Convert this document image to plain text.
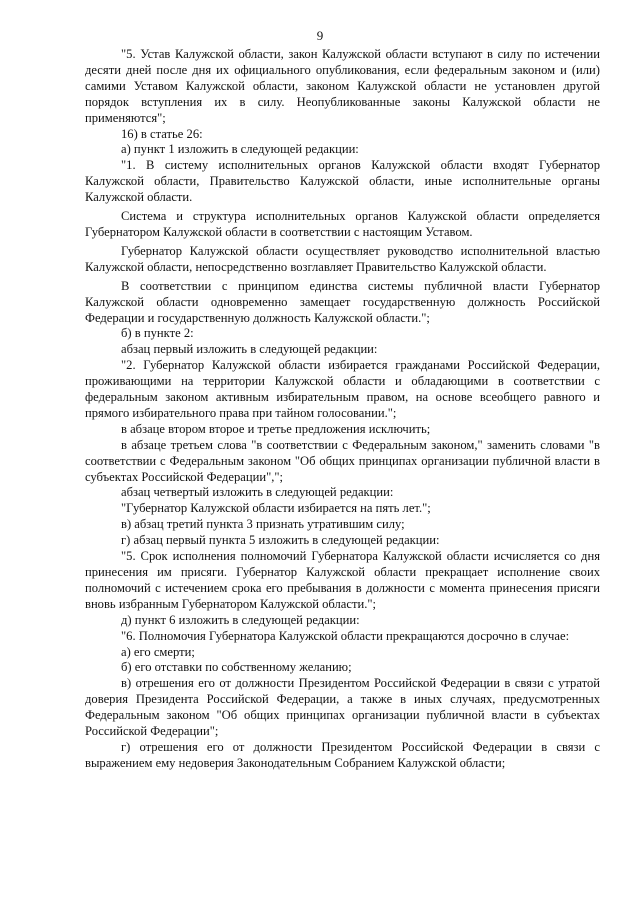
9

"5. Устав Калужской области, закон Калужской области вступают в силу по истечении десяти дней после дня их официального опубликования, если федеральным законом и (или) самими Уставом Калужской области, законом Калужской области не установлен другой порядок вступления их в силу. Неопубликованные законы Калужской области не применяются";

16) в статье 26:

а) пункт 1 изложить в следующей редакции:

"1. В систему исполнительных органов Калужской области входят Губернатор Калужской области, Правительство Калужской области, иные исполнительные органы Калужской области.

Система и структура исполнительных органов Калужской области определяется Губернатором Калужской области в соответствии с настоящим Уставом.

Губернатор Калужской области осуществляет руководство исполнительной властью Калужской области, непосредственно возглавляет Правительство Калужской области.

В соответствии с принципом единства системы публичной власти Губернатор Калужской области одновременно замещает государственную должность Российской Федерации и государственную должность Калужской области.";

б) в пункте 2:

абзац первый изложить в следующей редакции:

"2. Губернатор Калужской области избирается гражданами Российской Федерации, проживающими на территории Калужской области и обладающими в соответствии с федеральным законом активным избирательным правом, на основе всеобщего равного и прямого избирательного права при тайном голосовании.";

в абзаце втором второе и третье предложения исключить;

в абзаце третьем слова "в соответствии с Федеральным законом," заменить словами "в соответствии с Федеральным законом "Об общих принципах организации публичной власти в субъектах Российской Федерации",";

абзац четвертый изложить в следующей редакции:

"Губернатор Калужской области избирается на пять лет.";

в) абзац третий пункта 3 признать утратившим силу;

г) абзац первый пункта 5 изложить в следующей редакции:

"5. Срок исполнения полномочий Губернатора Калужской области исчисляется со дня принесения им присяги. Губернатор Калужской области прекращает исполнение своих полномочий с истечением срока его пребывания в должности с момента принесения присяги вновь избранным Губернатором Калужской области.";

д) пункт 6 изложить в следующей редакции:

"6. Полномочия Губернатора Калужской области прекращаются досрочно в случае:

а) его смерти;

б) его отставки по собственному желанию;

в) отрешения его от должности Президентом Российской Федерации в связи с утратой доверия Президента Российской Федерации, а также в иных случаях, предусмотренных Федеральным законом "Об общих принципах организации публичной власти в субъектах Российской Федерации";

г) отрешения его от должности Президентом Российской Федерации в связи с выражением ему недоверия Законодательным Собранием Калужской области;
